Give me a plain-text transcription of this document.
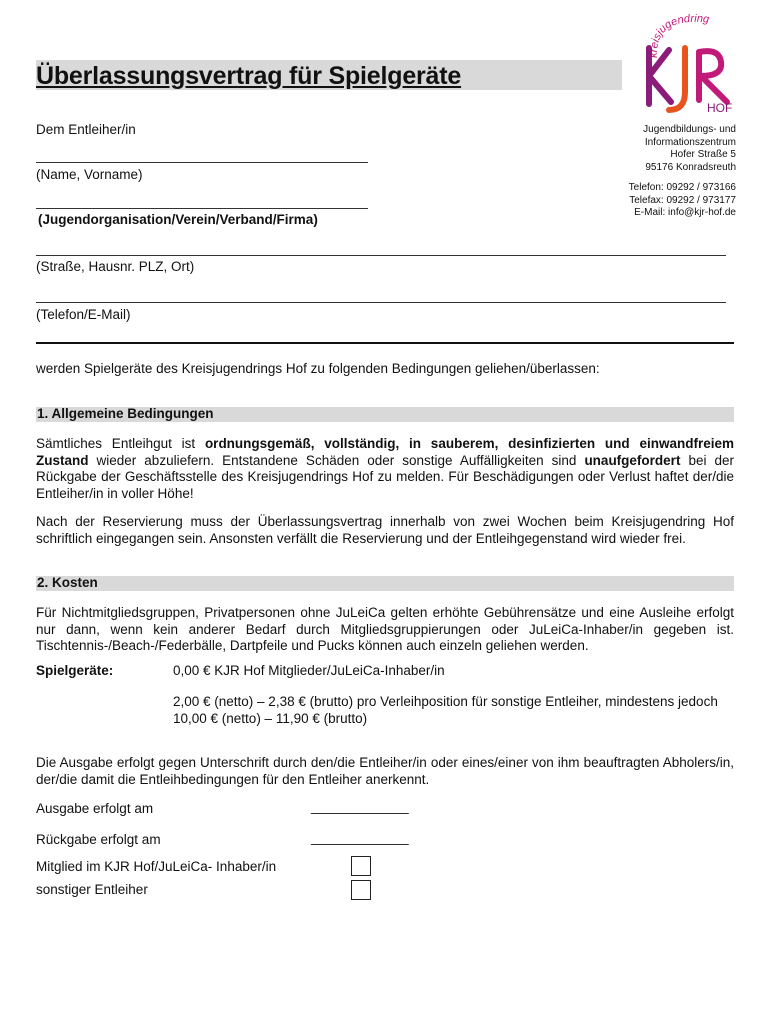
Überlassungsvertrag für Spielgeräte
kreisjugendring
HOF
Jugendbildungs- und
Informationszentrum
Hofer Straße 5
95176 Konradsreuth
Telefon: 09292 / 973166
Telefax: 09292 / 973177
E-Mail: info@kjr-hof.de
Dem Entleiher/in
(Name, Vorname)
(Jugendorganisation/Verein/Verband/Firma)
(Straße, Hausnr. PLZ, Ort)
(Telefon/E-Mail)
werden Spielgeräte des Kreisjugendrings Hof zu folgenden Bedingungen geliehen/überlassen:
1. Allgemeine Bedingungen
Sämtliches Entleihgut ist ordnungsgemäß, vollständig, in sauberem, desinfizierten und einwandfreiem Zustand wieder abzuliefern. Entstandene Schäden oder sonstige Auffälligkeiten sind unaufgefordert bei der Rückgabe der Geschäftsstelle des Kreisjugendrings Hof zu melden. Für Beschädigungen oder Verlust haftet der/die Entleiher/in in voller Höhe!
Nach der Reservierung muss der Überlassungsvertrag innerhalb von zwei Wochen beim Kreisjugendring Hof schriftlich eingegangen sein. Ansonsten verfällt die Reservierung und der Entleihgegenstand wird wieder frei.
2. Kosten
Für Nichtmitgliedsgruppen, Privatpersonen ohne JuLeiCa gelten erhöhte Gebührensätze und eine Ausleihe erfolgt nur dann, wenn kein anderer Bedarf durch Mitgliedsgruppierungen oder JuLeiCa-Inhaber/in gegeben ist. Tischtennis-/Beach-/Federbälle, Dartpfeile und Pucks können auch einzeln geliehen werden.
Spielgeräte:	0,00 € KJR Hof Mitglieder/JuLeiCa-Inhaber/in
2,00 € (netto) – 2,38 € (brutto) pro Verleihposition für sonstige Entleiher, mindestens jedoch 10,00 € (netto) – 11,90 € (brutto)
Die Ausgabe erfolgt gegen Unterschrift durch den/die Entleiher/in oder eines/einer von ihm beauftragten Abholers/in, der/die damit die Entleihbedingungen für den Entleiher anerkennt.
Ausgabe erfolgt am	_____________
Rückgabe erfolgt am	_____________
Mitglied im KJR Hof/JuLeiCa- Inhaber/in
sonstiger Entleiher
